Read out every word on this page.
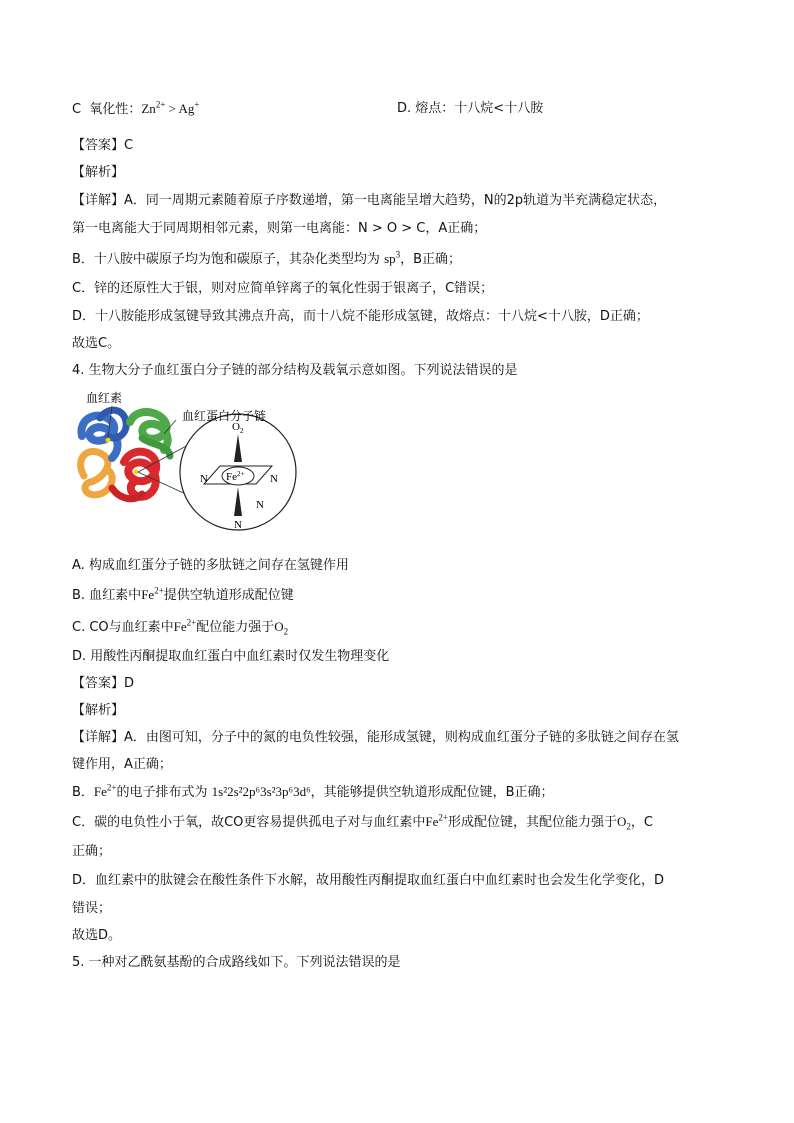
C 氧化性：$Zn^{2+} > Ag^+$	D. 熔点：十八烷<十八胺
【答案】C
【解析】
【详解】A．同一周期元素随着原子序数递增，第一电离能呈增大趋势，N的2p轨道为半充满稳定状态，
第一电离能大于同周期相邻元素，则第一电离能：N > O > C，A正确；
B．十八胺中碳原子均为饱和碳原子，其杂化类型均为 $sp^3$，B正确；
C．锌的还原性大于银，则对应简单锌离子的氧化性弱于银离子，C错误；
D．十八胺能形成氢键导致其沸点升高，而十八烷不能形成氢键，故熔点：十八烷<十八胺，D正确；
故选C。
4. 生物大分子血红蛋白分子链的部分结构及载氧示意如图。下列说法错误的是
$O_2$
$Fe^{2+}$
N	N
N
N
血红素
血红蛋白分子链
A. 构成血红蛋分子链的多肽链之间存在氢键作用
B. 血红素中$Fe^{2+}$提供空轨道形成配位键
C. CO与血红素中$Fe^{2+}$配位能力强于$O_2$
D. 用酸性丙酮提取血红蛋白中血红素时仅发生物理变化
【答案】D
【解析】
【详解】A．由图可知，分子中的氮的电负性较强，能形成氢键，则构成血红蛋分子链的多肽链之间存在氢
键作用，A正确；
B．$Fe^{2+}$的电子排布式为 1s²2s²2p⁶3s²3p⁶3d⁶，其能够提供空轨道形成配位键，B正确；
C．碳的电负性小于氧，故CO更容易提供孤电子对与血红素中$Fe^{2+}$形成配位键，其配位能力强于$O_2$，C
正确；
D．血红素中的肽键会在酸性条件下水解，故用酸性丙酮提取血红蛋白中血红素时也会发生化学变化，D
错误；
故选D。
5. 一种对乙酰氨基酚的合成路线如下。下列说法错误的是
